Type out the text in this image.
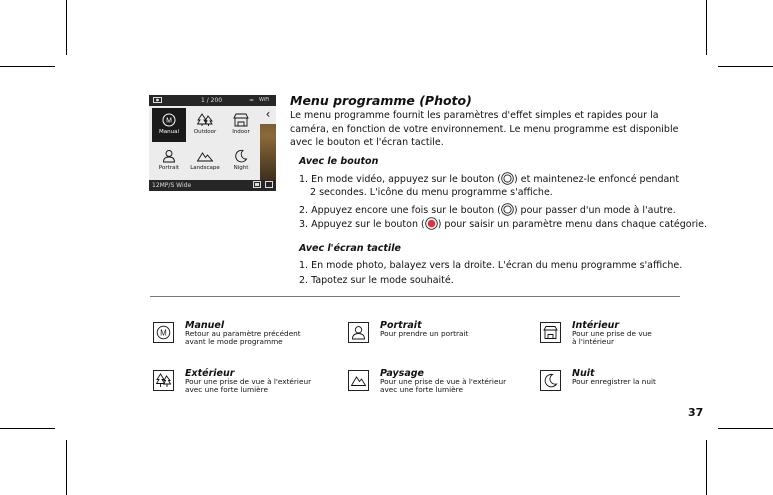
1 / 200	≈ WiFi
‹
M
Manual	Outdoor	Indoor
Portrait	Landscape	Night
12MP/S Wide
Menu programme (Photo)
Le menu programme fournit les paramètres d'effet simples et rapides pour la caméra, en fonction de votre environnement. Le menu programme est disponible avec le bouton et l'écran tactile.
Avec le bouton
1. En mode vidéo, appuyez sur le bouton ( ) et maintenez-le enfoncé pendant
2 secondes. L'icône du menu programme s'affiche.
2. Appuyez encore une fois sur le bouton ( ) pour passer d'un mode à l'autre.
3. Appuyez sur le bouton ( ) pour saisir un paramètre menu dans chaque catégorie.
Avec l'écran tactile
1. En mode photo, balayez vers la droite. L'écran du menu programme s'affiche.
2. Tapotez sur le mode souhaité.
M
Manuel
Retour au paramètre précédent
avant le mode programme
Portrait
Pour prendre un portrait
Intérieur
Pour une prise de vue
à l'intérieur
Extérieur
Pour une prise de vue à l'extérieur
avec une forte lumière
Paysage
Pour une prise de vue à l'extérieur
avec une forte lumière
Nuit
Pour enregistrer la nuit
37
